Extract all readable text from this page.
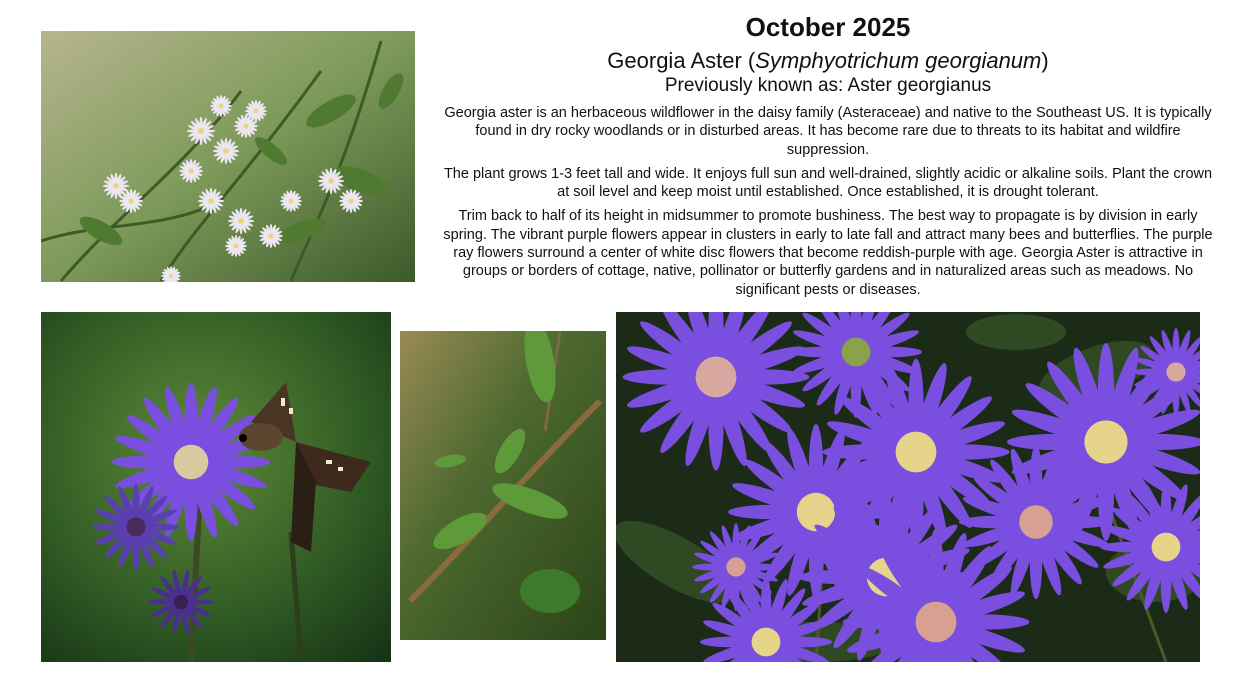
October 2025
Georgia Aster (Symphyotrichum georgianum)
Previously known as: Aster georgianus

Georgia aster is an herbaceous wildflower in the daisy family (Asteraceae) and native to the Southeast US. It is typically found in dry rocky woodlands or in disturbed areas. It has become rare due to threats to its habitat and wildfire suppression.

The plant grows 1-3 feet tall and wide. It enjoys full sun and well-drained, slightly acidic or alkaline soils. Plant the crown at soil level and keep moist until established. Once established, it is drought tolerant.

Trim back to half of its height in midsummer to promote bushiness. The best way to propagate is by division in early spring. The vibrant purple flowers appear in clusters in early to late fall and attract many bees and butterflies. The purple ray flowers surround a center of white disc flowers that become reddish-purple with age. Georgia Aster is attractive in groups or borders of cottage, native, pollinator or butterfly gardens and in naturalized areas such as meadows. No significant pests or diseases.
